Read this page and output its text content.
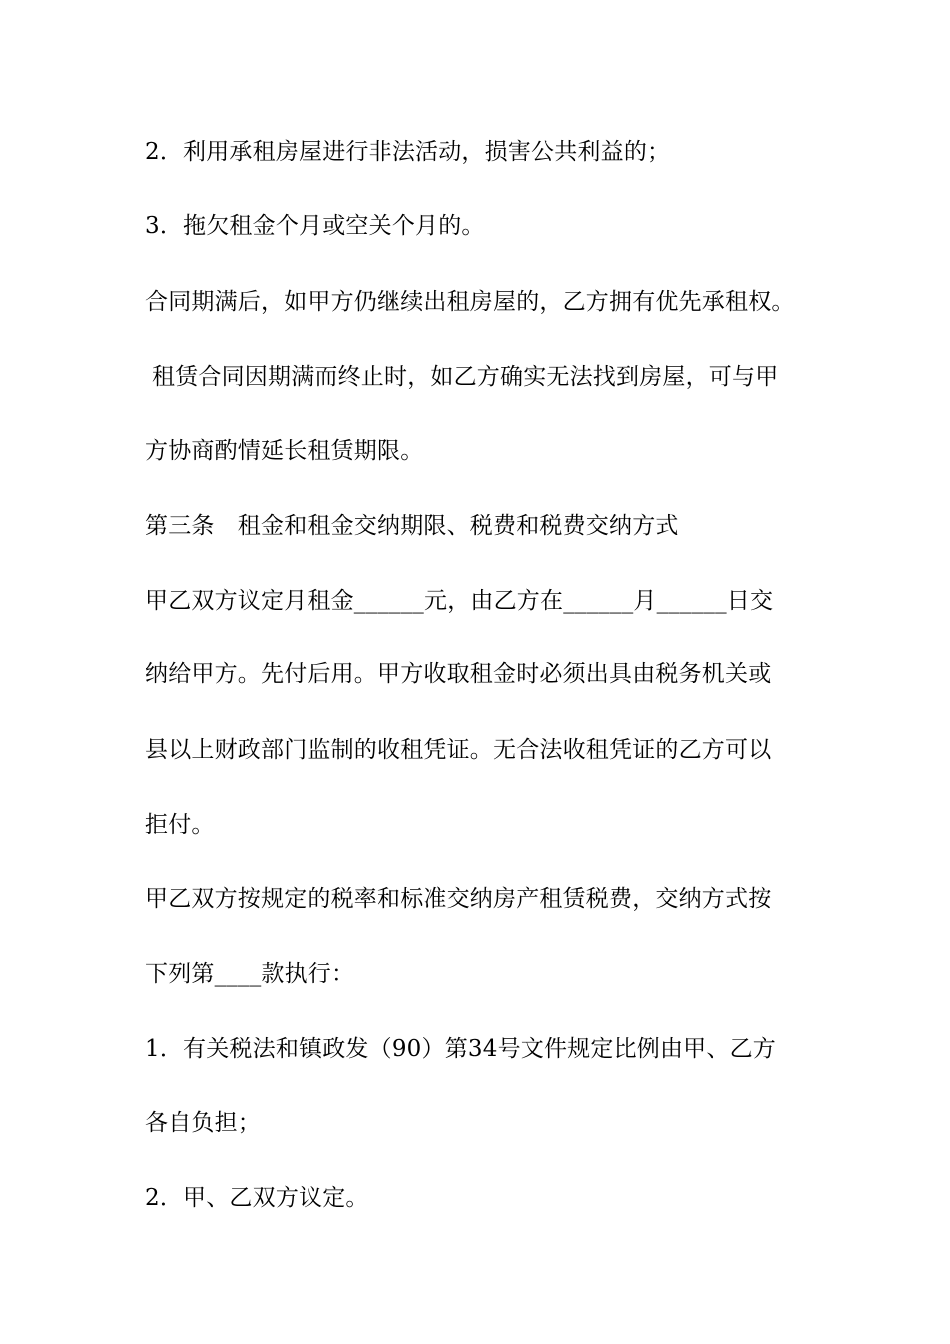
2．利用承租房屋进行非法活动，损害公共利益的；

3．拖欠租金个月或空关个月的。

合同期满后，如甲方仍继续出租房屋的，乙方拥有优先承租权。

租赁合同因期满而终止时，如乙方确实无法找到房屋，可与甲

方协商酌情延长租赁期限。

第三条　租金和租金交纳期限、税费和税费交纳方式

甲乙双方议定月租金______元，由乙方在______月______日交

纳给甲方。先付后用。甲方收取租金时必须出具由税务机关或

县以上财政部门监制的收租凭证。无合法收租凭证的乙方可以

拒付。

甲乙双方按规定的税率和标准交纳房产租赁税费，交纳方式按

下列第____款执行：

1．有关税法和镇政发（90）第34号文件规定比例由甲、乙方

各自负担；

2．甲、乙双方议定。
